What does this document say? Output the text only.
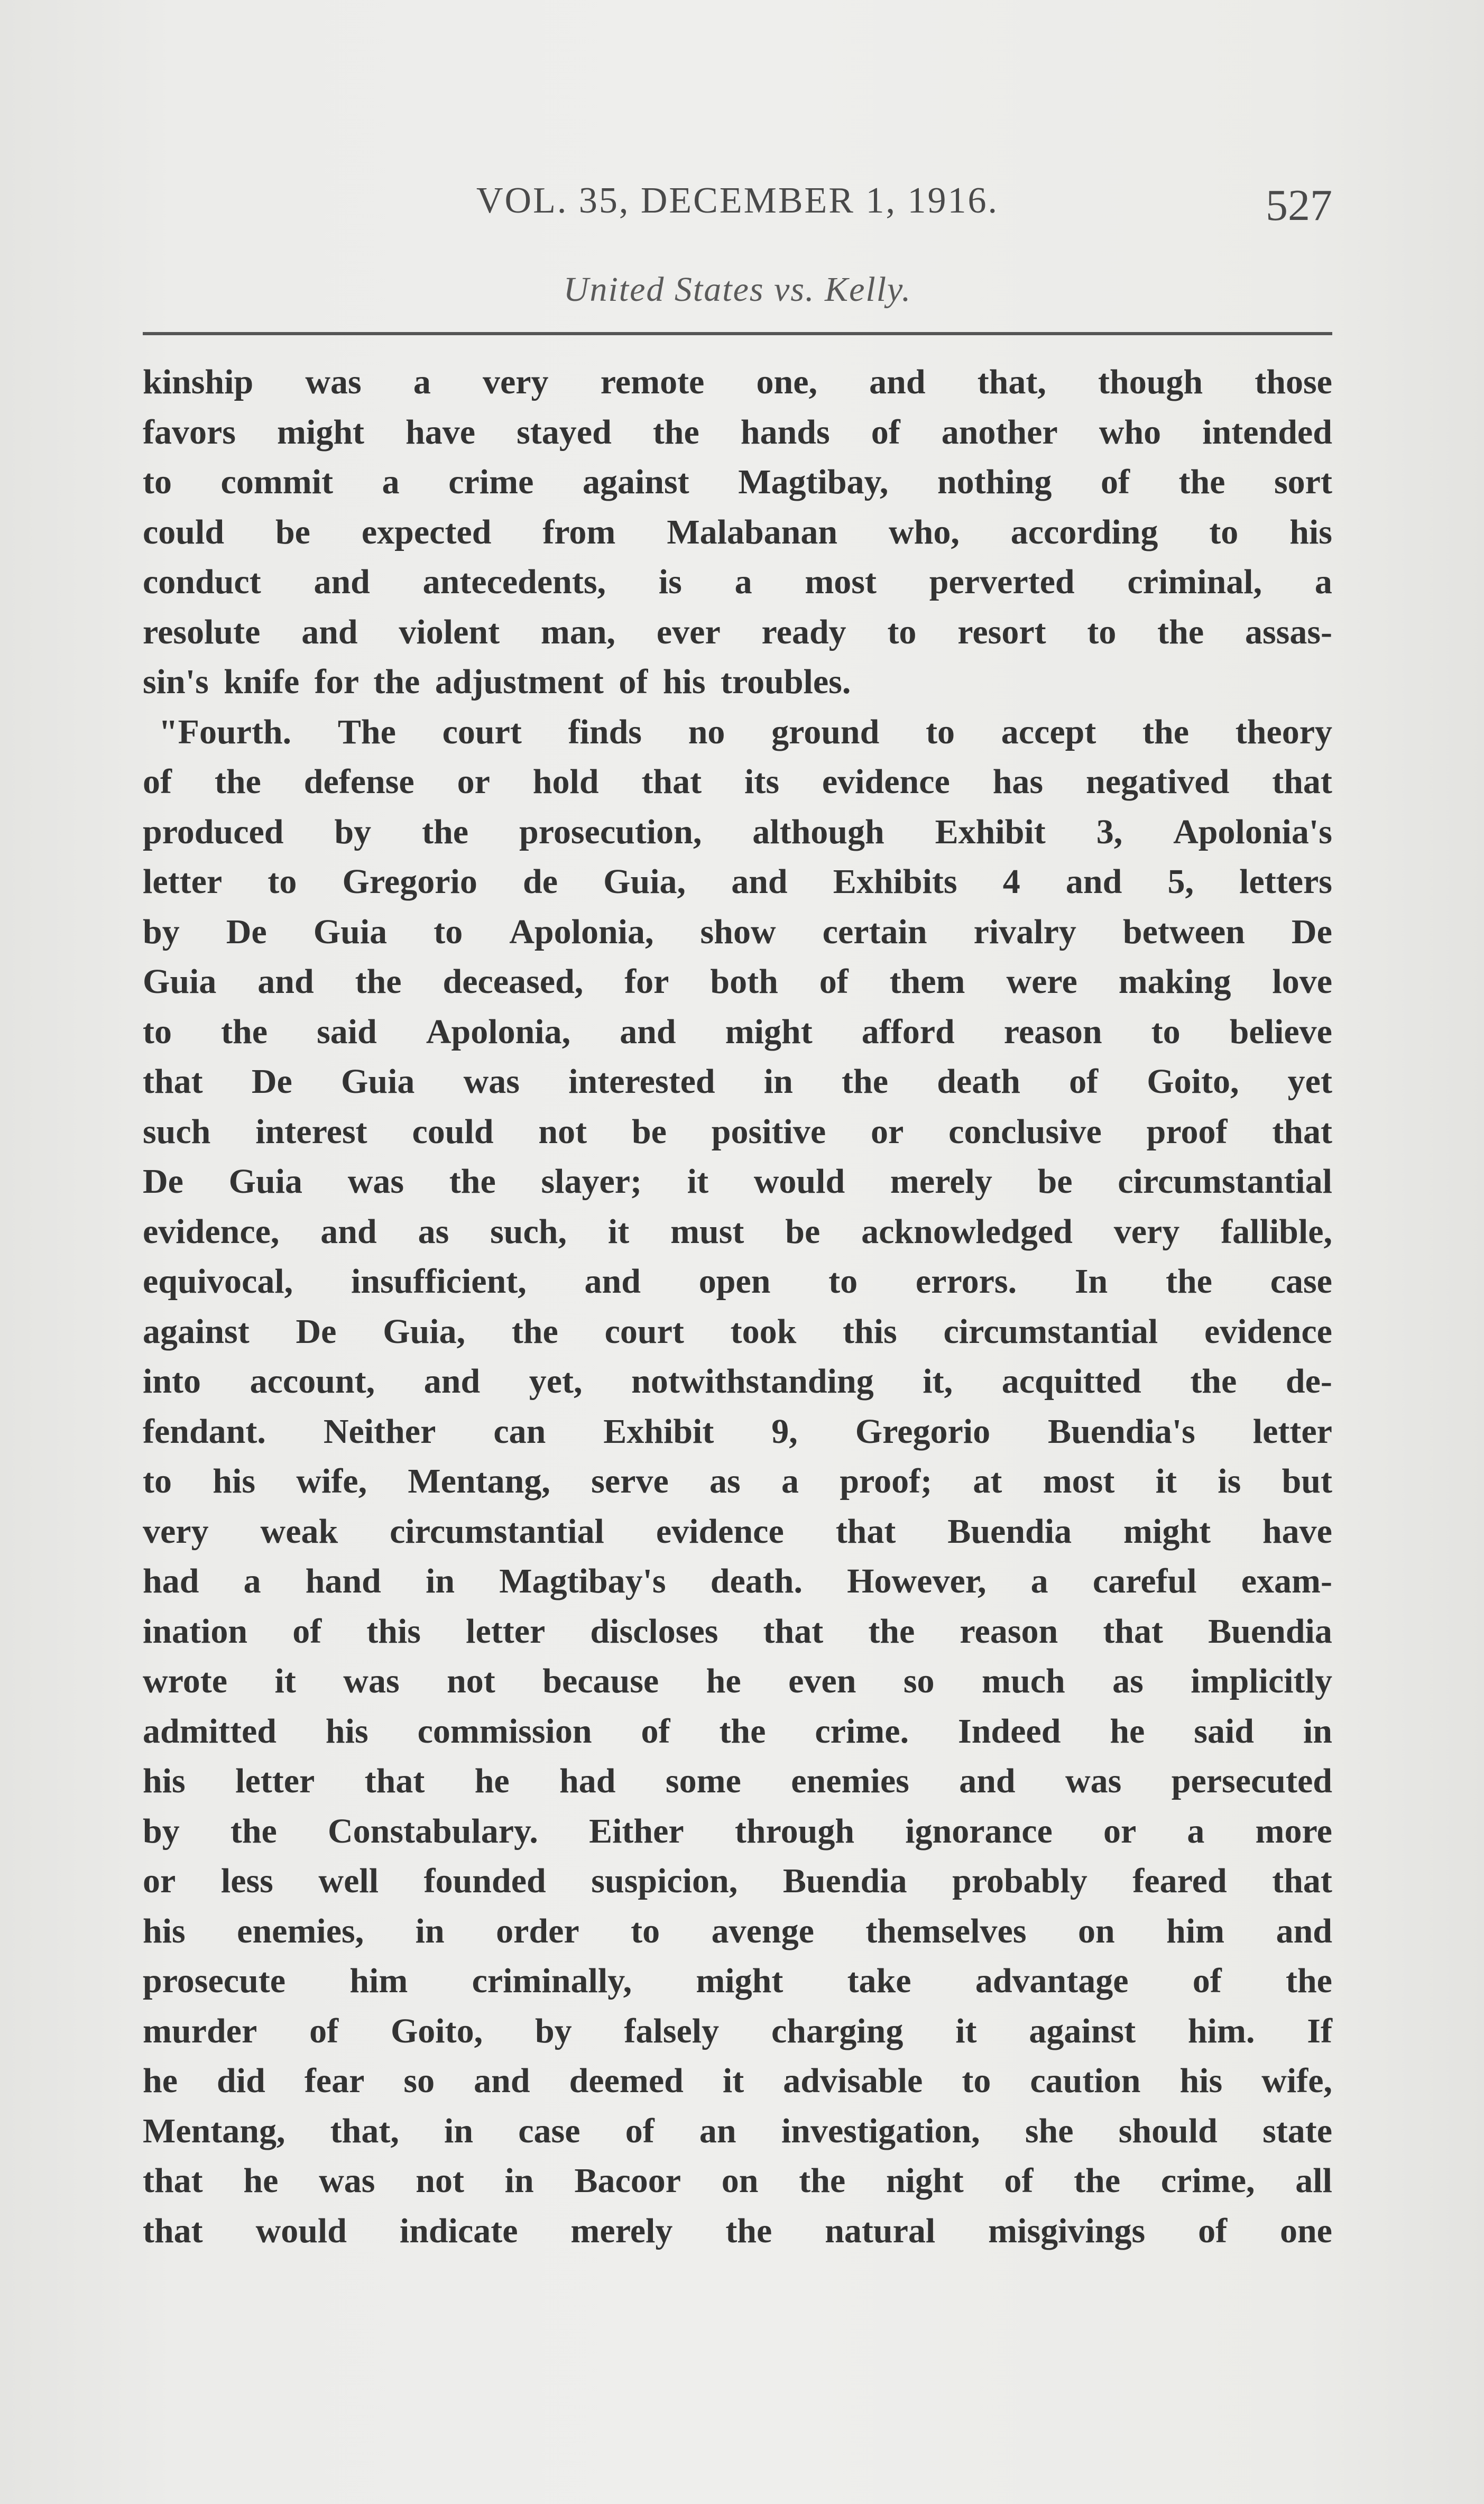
VOL. 35, DECEMBER 1, 1916.	527
United States vs. Kelly.
kinship was a very remote one, and that, though those
favors might have stayed the hands of another who intended
to commit a crime against Magtibay, nothing of the sort
could be expected from Malabanan who, according to his
conduct and antecedents, is a most perverted criminal, a
resolute and violent man, ever ready to resort to the assas-
sin's knife for the adjustment of his troubles.
"Fourth. The court finds no ground to accept the theory
of the defense or hold that its evidence has negatived that
produced by the prosecution, although Exhibit 3, Apolonia's
letter to Gregorio de Guia, and Exhibits 4 and 5, letters
by De Guia to Apolonia, show certain rivalry between De
Guia and the deceased, for both of them were making love
to the said Apolonia, and might afford reason to believe
that De Guia was interested in the death of Goito, yet
such interest could not be positive or conclusive proof that
De Guia was the slayer; it would merely be circumstantial
evidence, and as such, it must be acknowledged very fallible,
equivocal, insufficient, and open to errors. In the case
against De Guia, the court took this circumstantial evidence
into account, and yet, notwithstanding it, acquitted the de-
fendant. Neither can Exhibit 9, Gregorio Buendia's letter
to his wife, Mentang, serve as a proof; at most it is but
very weak circumstantial evidence that Buendia might have
had a hand in Magtibay's death. However, a careful exam-
ination of this letter discloses that the reason that Buendia
wrote it was not because he even so much as implicitly
admitted his commission of the crime. Indeed he said in
his letter that he had some enemies and was persecuted
by the Constabulary. Either through ignorance or a more
or less well founded suspicion, Buendia probably feared that
his enemies, in order to avenge themselves on him and
prosecute him criminally, might take advantage of the
murder of Goito, by falsely charging it against him. If
he did fear so and deemed it advisable to caution his wife,
Mentang, that, in case of an investigation, she should state
that he was not in Bacoor on the night of the crime, all
that would indicate merely the natural misgivings of one
